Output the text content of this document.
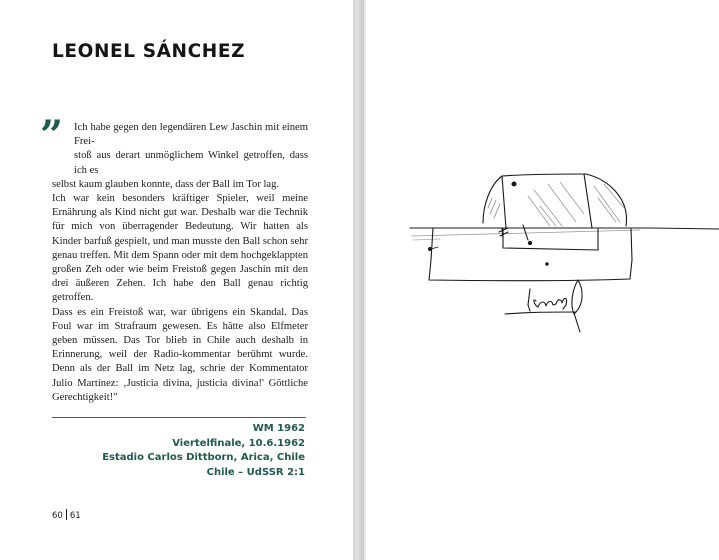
LEONEL SÁNCHEZ
”	Ich habe gegen den legendären Lew Jaschin mit einem Frei-

stoß aus derart unmöglichem Winkel getroffen, dass ich es

selbst kaum glauben konnte, dass der Ball im Tor lag.

Ich war kein besonders kräftiger Spieler, weil meine Ernährung als Kind nicht gut war. Deshalb war die Technik für mich von überragender Bedeutung. Wir hatten als Kinder barfuß gespielt, und man musste den Ball schon sehr genau treffen. Mit dem Spann oder mit dem hochgeklappten großen Zeh oder wie beim Freistoß gegen Jaschin mit den drei äußeren Zehen. Ich habe den Ball genau richtig getroffen.

Dass es ein Freistoß war, war übrigens ein Skandal. Das Foul war im Strafraum gewesen. Es hätte also Elfmeter geben müssen. Das Tor blieb in Chile auch deshalb in Erinnerung, weil der Radio-kommentar berühmt wurde. Denn als der Ball im Netz lag, schrie der Kommentator Julio Martínez: ‚Justicia divina, justicia divina!' Göttliche Gerechtigkeit!"

WM 1962
Viertelfinale, 10.6.1962
Estadio Carlos Dittborn, Arica, Chile
Chile – UdSSR 2:1
60 61
